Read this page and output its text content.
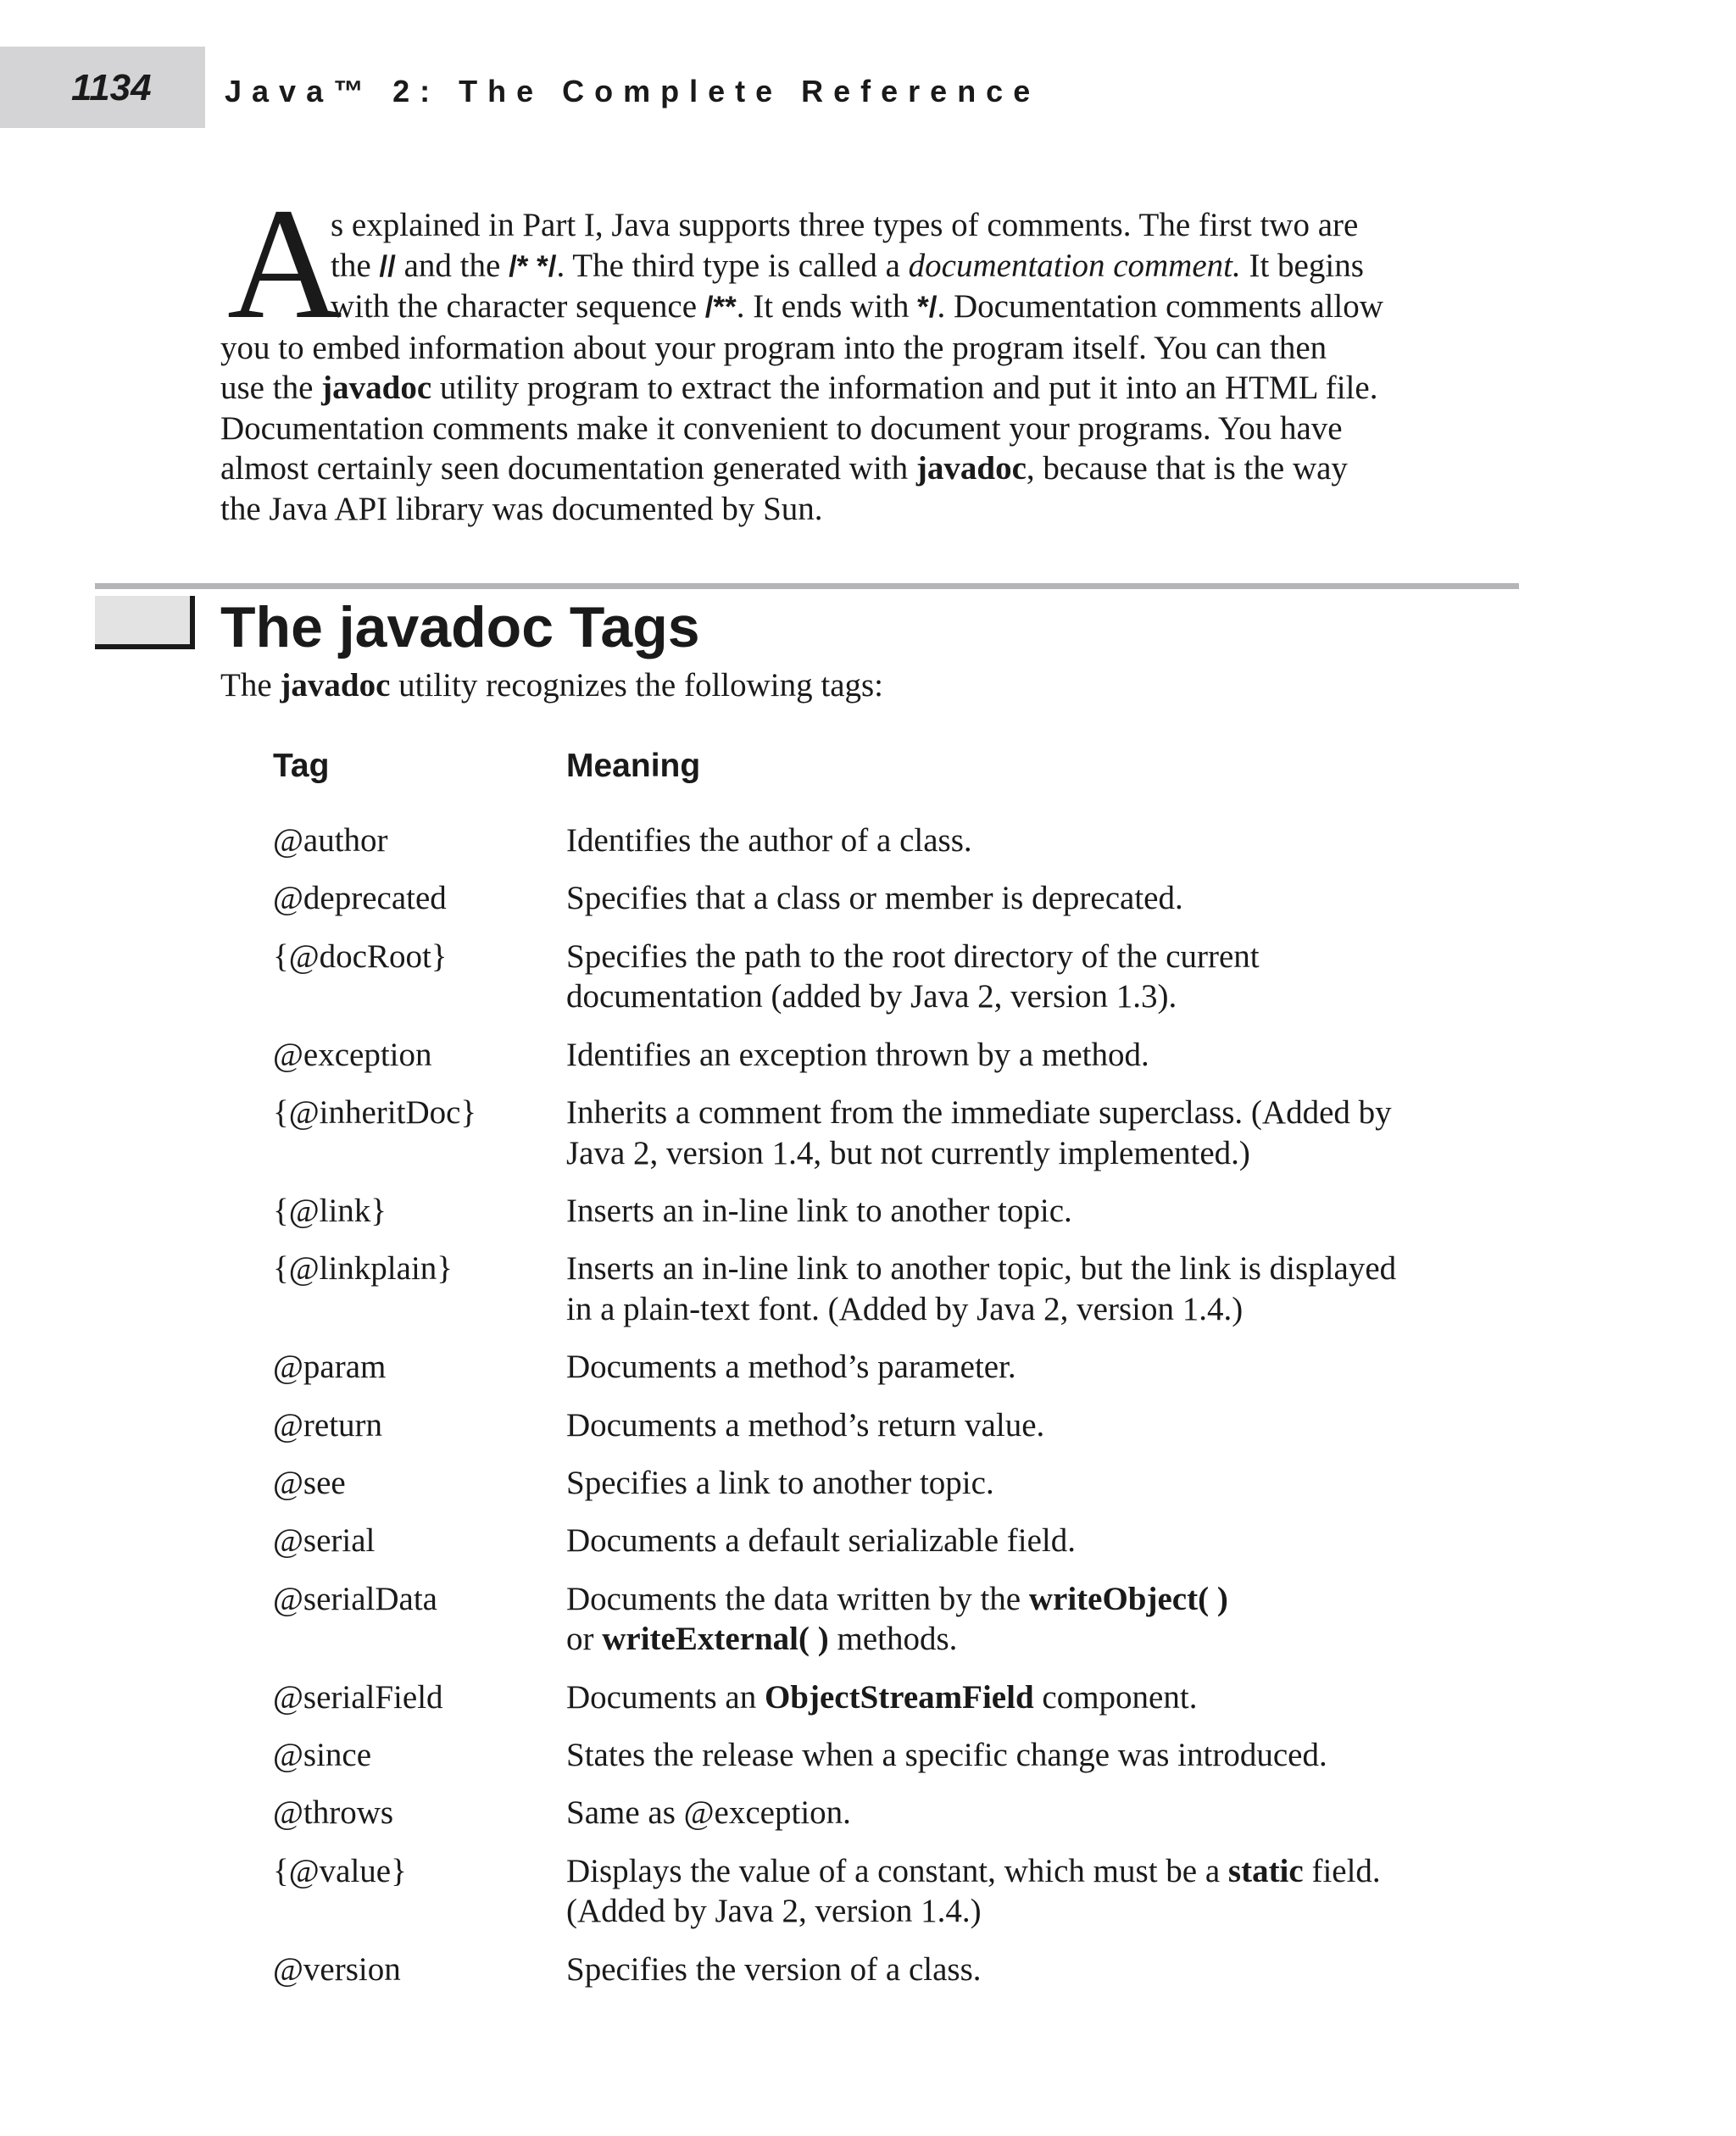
1134 Java™ 2: The Complete Reference
A
s explained in Part I, Java supports three types of comments. The first two are
the // and the /* */. The third type is called a documentation comment. It begins
with the character sequence /**. It ends with */. Documentation comments allow
you to embed information about your program into the program itself. You can then
use the javadoc utility program to extract the information and put it into an HTML file.
Documentation comments make it convenient to document your programs. You have
almost certainly seen documentation generated with javadoc, because that is the way
the Java API library was documented by Sun.
The javadoc Tags
The javadoc utility recognizes the following tags:
Tag	Meaning
@author	Identifies the author of a class.
@deprecated	Specifies that a class or member is deprecated.
{@docRoot}	Specifies the path to the root directory of the current
documentation (added by Java 2, version 1.3).
@exception	Identifies an exception thrown by a method.
{@inheritDoc}	Inherits a comment from the immediate superclass. (Added by
Java 2, version 1.4, but not currently implemented.)
{@link}	Inserts an in-line link to another topic.
{@linkplain}	Inserts an in-line link to another topic, but the link is displayed
in a plain-text font. (Added by Java 2, version 1.4.)
@param	Documents a method’s parameter.
@return	Documents a method’s return value.
@see	Specifies a link to another topic.
@serial	Documents a default serializable field.
@serialData	Documents the data written by the writeObject( )
or writeExternal( ) methods.
@serialField	Documents an ObjectStreamField component.
@since	States the release when a specific change was introduced.
@throws	Same as @exception.
{@value}	Displays the value of a constant, which must be a static field.
(Added by Java 2, version 1.4.)
@version	Specifies the version of a class.
